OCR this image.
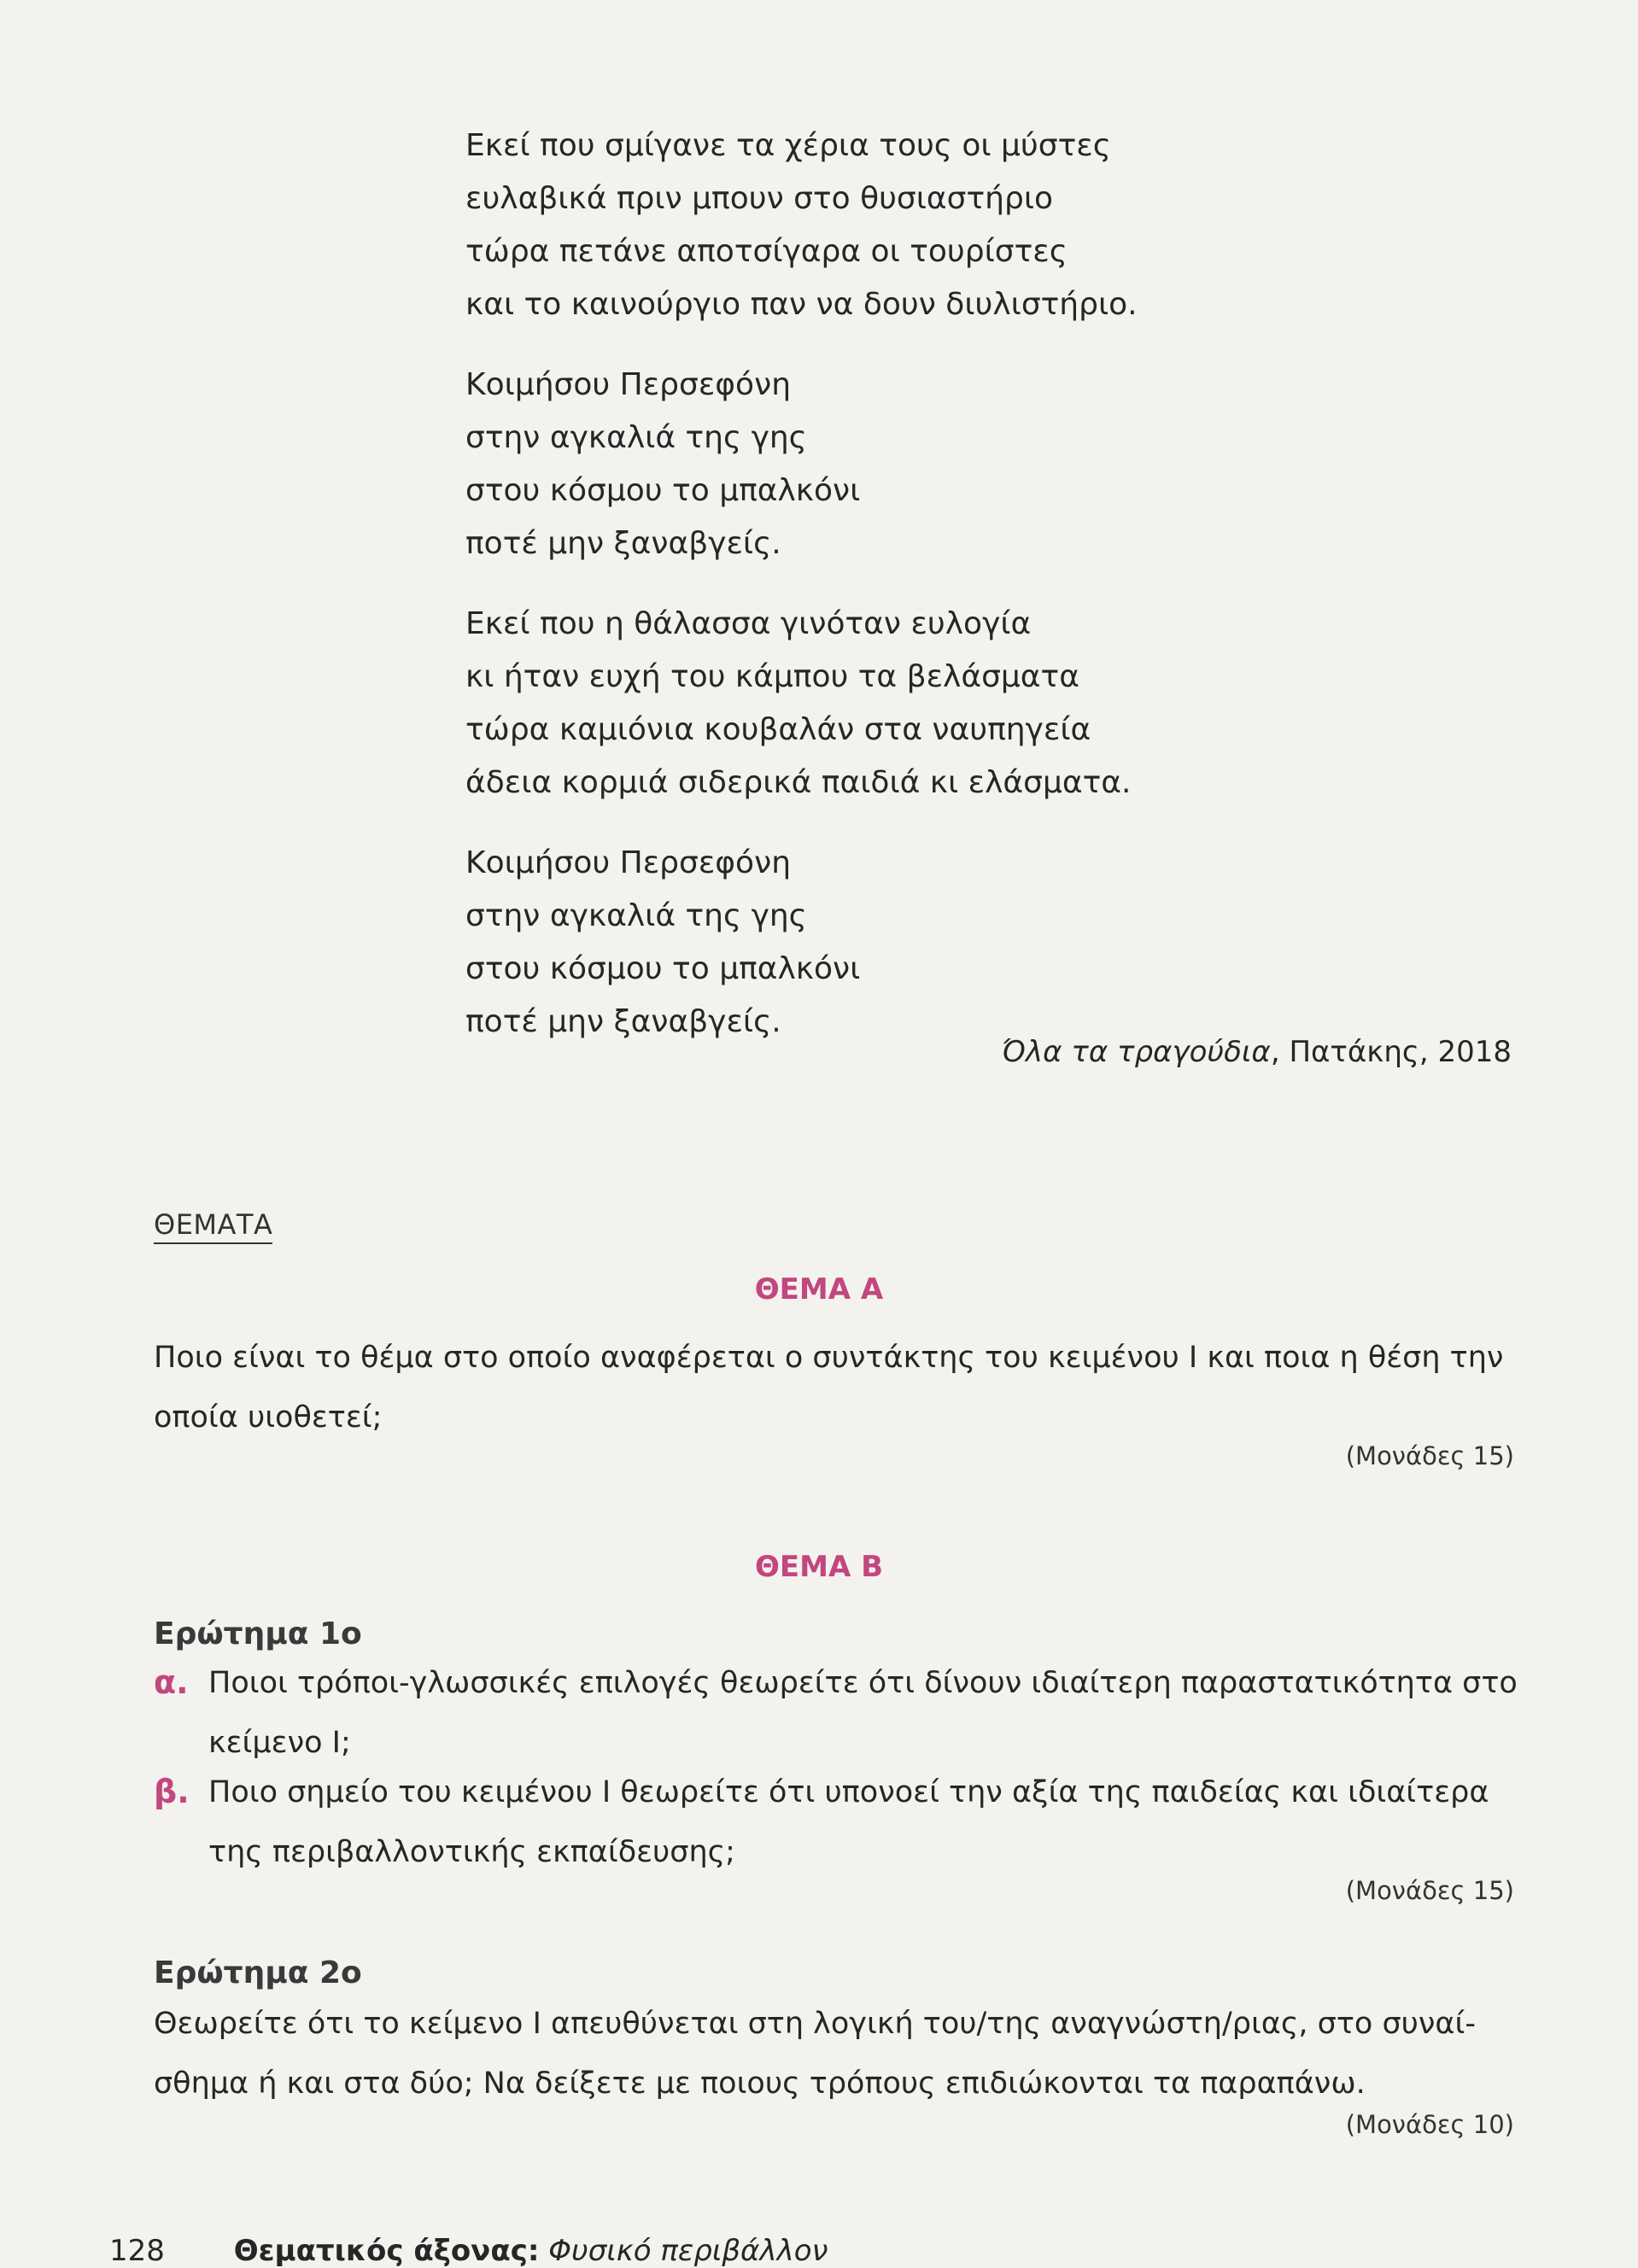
Εκεί που σμίγανε τα χέρια τους οι μύστες

ευλαβικά πριν μπουν στο θυσιαστήριο

τώρα πετάνε αποτσίγαρα οι τουρίστες

και το καινούργιο παν να δουν διυλιστήριο.

Κοιμήσου Περσεφόνη

στην αγκαλιά της γης

στου κόσμου το μπαλκόνι

ποτέ μην ξαναβγείς.

Εκεί που η θάλασσα γινόταν ευλογία

κι ήταν ευχή του κάμπου τα βελάσματα

τώρα καμιόνια κουβαλάν στα ναυπηγεία

άδεια κορμιά σιδερικά παιδιά κι ελάσματα.

Κοιμήσου Περσεφόνη

στην αγκαλιά της γης

στου κόσμου το μπαλκόνι

ποτέ μην ξαναβγείς.

Όλα τα τραγούδια, Πατάκης, 2018
ΘΕΜΑΤΑ
ΘΕΜΑ Α

Ποιο είναι το θέμα στο οποίο αναφέρεται ο συντάκτης του κειμένου Ι και ποια η θέση την οποία υιοθετεί;

(Μονάδες 15)
ΘΕΜΑ Β
Ερώτημα 1ο
α. Ποιοι τρόποι-γλωσσικές επιλογές θεωρείτε ότι δίνουν ιδιαίτερη παραστατικότητα στο κείμενο Ι;
β. Ποιο σημείο του κειμένου Ι θεωρείτε ότι υπονοεί την αξία της παιδείας και ιδιαίτερα της περιβαλλοντικής εκπαίδευσης;
(Μονάδες 15)
Ερώτημα 2ο

Θεωρείτε ότι το κείμενο Ι απευθύνεται στη λογική του/της αναγνώστη/ριας, στο συναί-σθημα ή και στα δύο; Να δείξετε με ποιους τρόπους επιδιώκονται τα παραπάνω.

(Μονάδες 10)
128 Θεματικός άξονας: Φυσικό περιβάλλον
